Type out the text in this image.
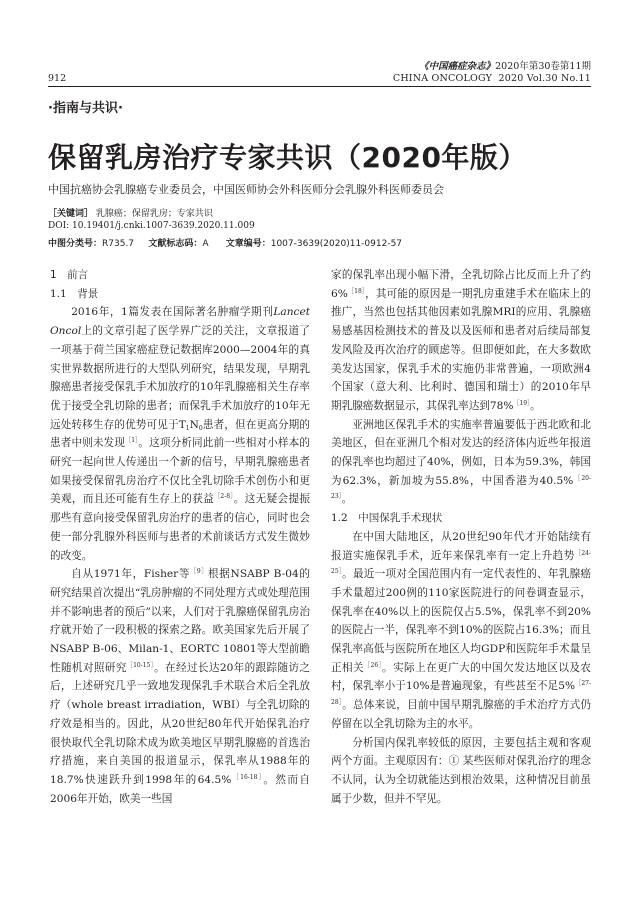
《中国癌症杂志》2020年第30卷第11期
CHINA ONCOLOGY 2020 Vol.30 No.11
912
·指南与共识·
保留乳房治疗专家共识（2020年版）
中国抗癌协会乳腺癌专业委员会，中国医师协会外科医师分会乳腺外科医师委员会
［关键词］ 乳腺癌；保留乳房；专家共识
DOI: 10.19401/j.cnki.1007-3639.2020.11.009
中图分类号：R735.7 文献标志码：A 文章编号：1007-3639(2020)11-0912-57

1　前言

1.1　背景

2016年，1篇发表在国际著名肿瘤学期刊Lancet Oncol上的文章引起了医学界广泛的关注，文章报道了一项基于荷兰国家癌症登记数据库2000—2004年的真实世界数据所进行的大型队列研究，结果发现，早期乳腺癌患者接受保乳手术加放疗的10年乳腺癌相关生存率优于接受全乳切除的患者；而保乳手术加放疗的10年无远处转移生存的优势可见于$T_1N_0$患者，但在更高分期的患者中则未发现$^{[1]}$。这项分析同此前一些相对小样本的研究一起向世人传递出一个新的信号，早期乳腺癌患者如果接受保留乳房治疗不仅比全乳切除手术创伤小和更美观，而且还可能有生存上的获益$^{[2-8]}$。这无疑会提振那些有意向接受保留乳房治疗的患者的信心，同时也会使一部分乳腺外科医师与患者的术前谈话方式发生微妙的改变。

自从1971年，Fisher等$^{[9]}$根据NSABP B-04的研究结果首次提出“乳房肿瘤的不同处理方式或处理范围并不影响患者的预后”以来，人们对于乳腺癌保留乳房治疗就开始了一段积极的探索之路。欧美国家先后开展了NSABP B-06、Milan-1、EORTC 10801等大型前瞻性随机对照研究$^{[10-15]}$。在经过长达20年的跟踪随访之后，上述研究几乎一致地发现保乳手术联合术后全乳放疗（whole breast irradiation，WBI）与全乳切除的疗效是相当的。因此，从20世纪80年代开始保乳治疗很快取代全乳切除术成为欧美地区早期乳腺癌的首选治疗措施，来自美国的报道显示，保乳率从1988年的18.7%快速跃升到1998年的64.5%$^{[16-18]}$。然而自2006年开始，欧美一些国

家的保乳率出现小幅下滑，全乳切除占比反而上升了约6%$^{[18]}$，其可能的原因是一期乳房重建手术在临床上的推广，当然也包括其他因素如乳腺MRI的应用、乳腺癌易感基因检测技术的普及以及医师和患者对后续局部复发风险及再次治疗的顾虑等。但即便如此，在大多数欧美发达国家，保乳手术的实施仍非常普遍，一项欧洲4个国家（意大利、比利时、德国和瑞士）的2010年早期乳腺癌数据显示，其保乳率达到78%$^{[19]}$。

亚洲地区保乳手术的实施率普遍要低于西北欧和北美地区，但在亚洲几个相对发达的经济体内近些年报道的保乳率也均超过了40%，例如，日本为59.3%，韩国为62.3%，新加坡为55.8%，中国香港为40.5%$^{[20-23]}$。

1.2　中国保乳手术现状

在中国大陆地区，从20世纪90年代才开始陆续有报道实施保乳手术，近年来保乳率有一定上升趋势$^{[24-25]}$。最近一项对全国范围内有一定代表性的、年乳腺癌手术量超过200例的110家医院进行的问卷调查显示，保乳率在40%以上的医院仅占5.5%，保乳率不到20%的医院占一半，保乳率不到10%的医院占16.3%；而且保乳率高低与医院所在地区人均GDP和医院年手术量呈正相关$^{[26]}$。实际上在更广大的中国欠发达地区以及农村，保乳率小于10%是普遍现象，有些甚至不足5%$^{[27-28]}$。总体来说，目前中国早期乳腺癌的手术治疗方式仍停留在以全乳切除为主的水平。

分析国内保乳率较低的原因，主要包括主观和客观两个方面。主观原因有：① 某些医师对保乳治疗的理念不认同，认为全切就能达到根治效果，这种情况目前虽属于少数，但并不罕见。
